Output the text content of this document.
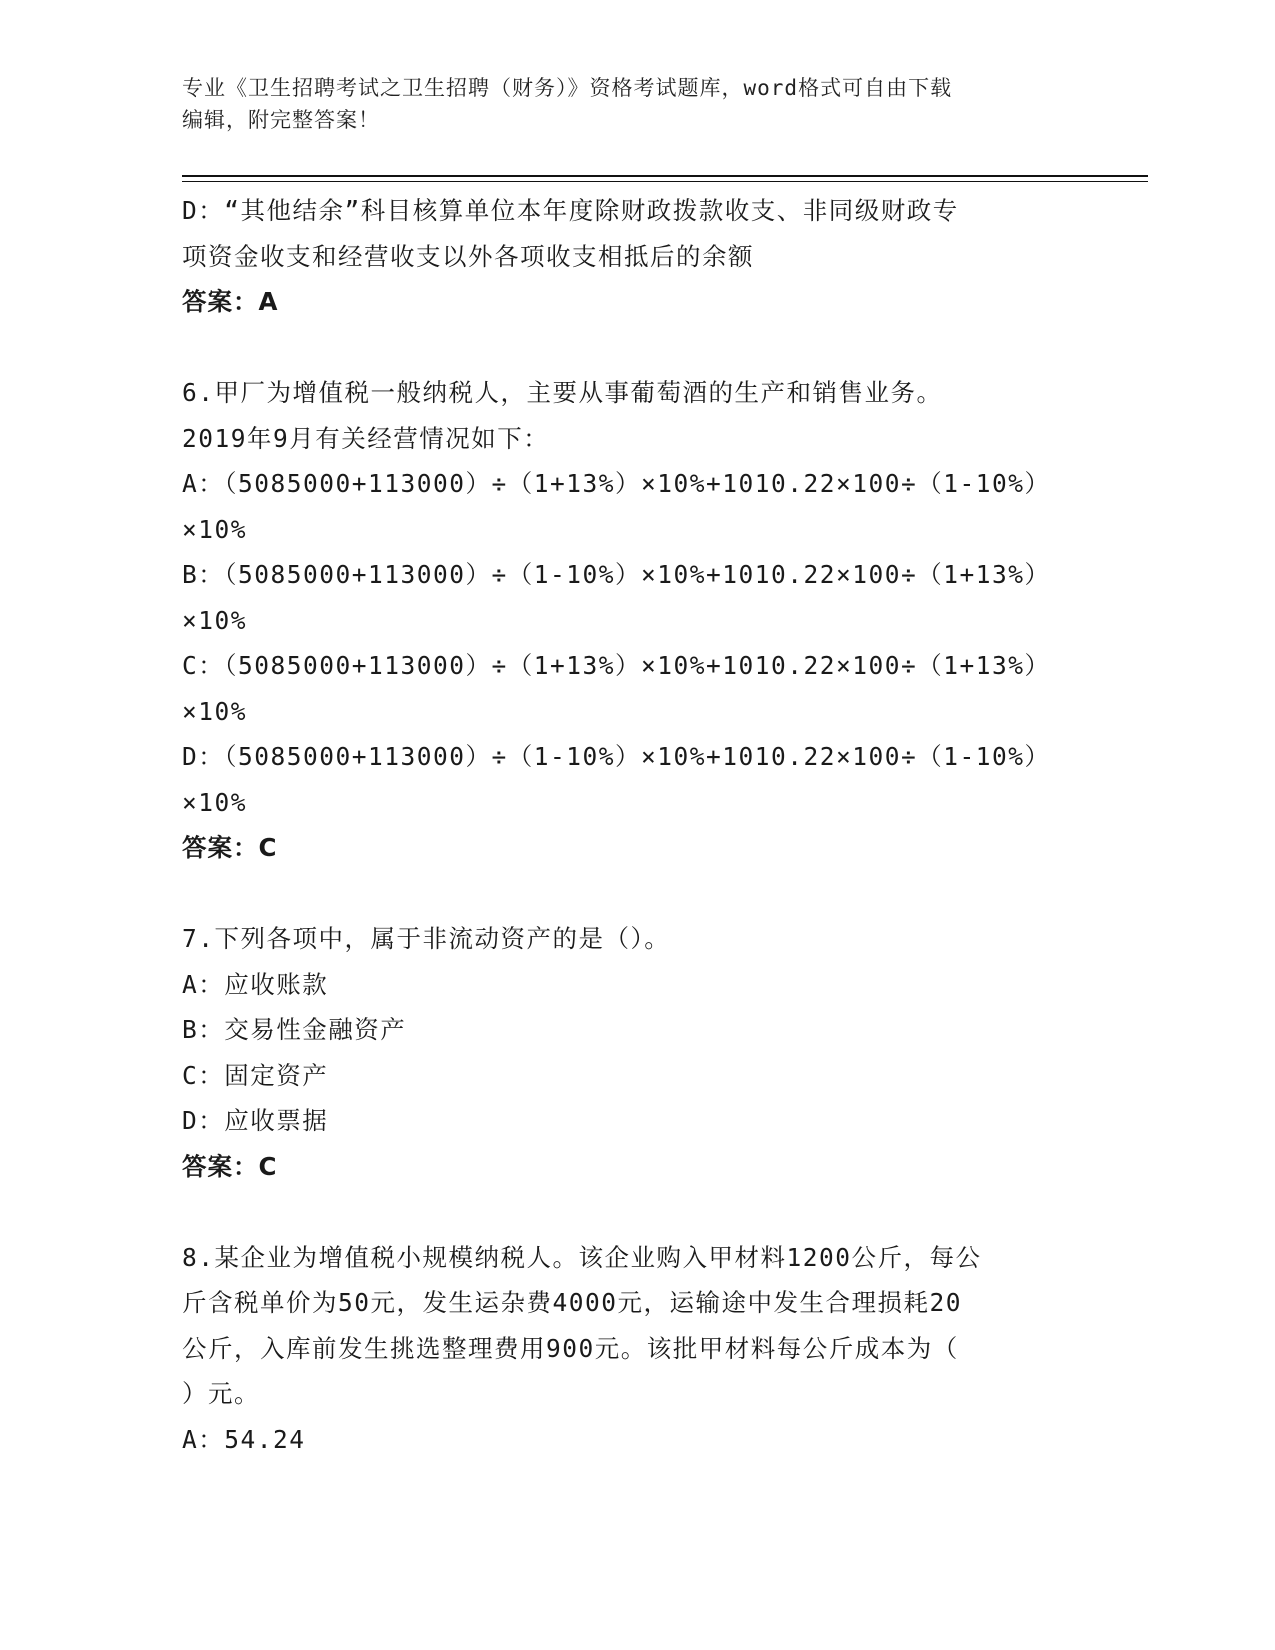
专业《卫生招聘考试之卫生招聘（财务）》资格考试题库，word格式可自由下载
编辑，附完整答案！

D：“其他结余”科目核算单位本年度除财政拨款收支、非同级财政专

项资金收支和经营收支以外各项收支相抵后的余额

答案：A

6.甲厂为增值税一般纳税人，主要从事葡萄酒的生产和销售业务。

2019年9月有关经营情况如下：

A：（5085000+113000）÷（1+13%）×10%+1010.22×100÷（1-10%）

×10%

B：（5085000+113000）÷（1-10%）×10%+1010.22×100÷（1+13%）

×10%

C：（5085000+113000）÷（1+13%）×10%+1010.22×100÷（1+13%）

×10%

D：（5085000+113000）÷（1-10%）×10%+1010.22×100÷（1-10%）

×10%

答案：C

7.下列各项中，属于非流动资产的是（）。

A：应收账款

B：交易性金融资产

C：固定资产

D：应收票据

答案：C

8.某企业为增值税小规模纳税人。该企业购入甲材料1200公斤，每公

斤含税单价为50元，发生运杂费4000元，运输途中发生合理损耗20

公斤，入库前发生挑选整理费用900元。该批甲材料每公斤成本为（

）元。

A：54.24
